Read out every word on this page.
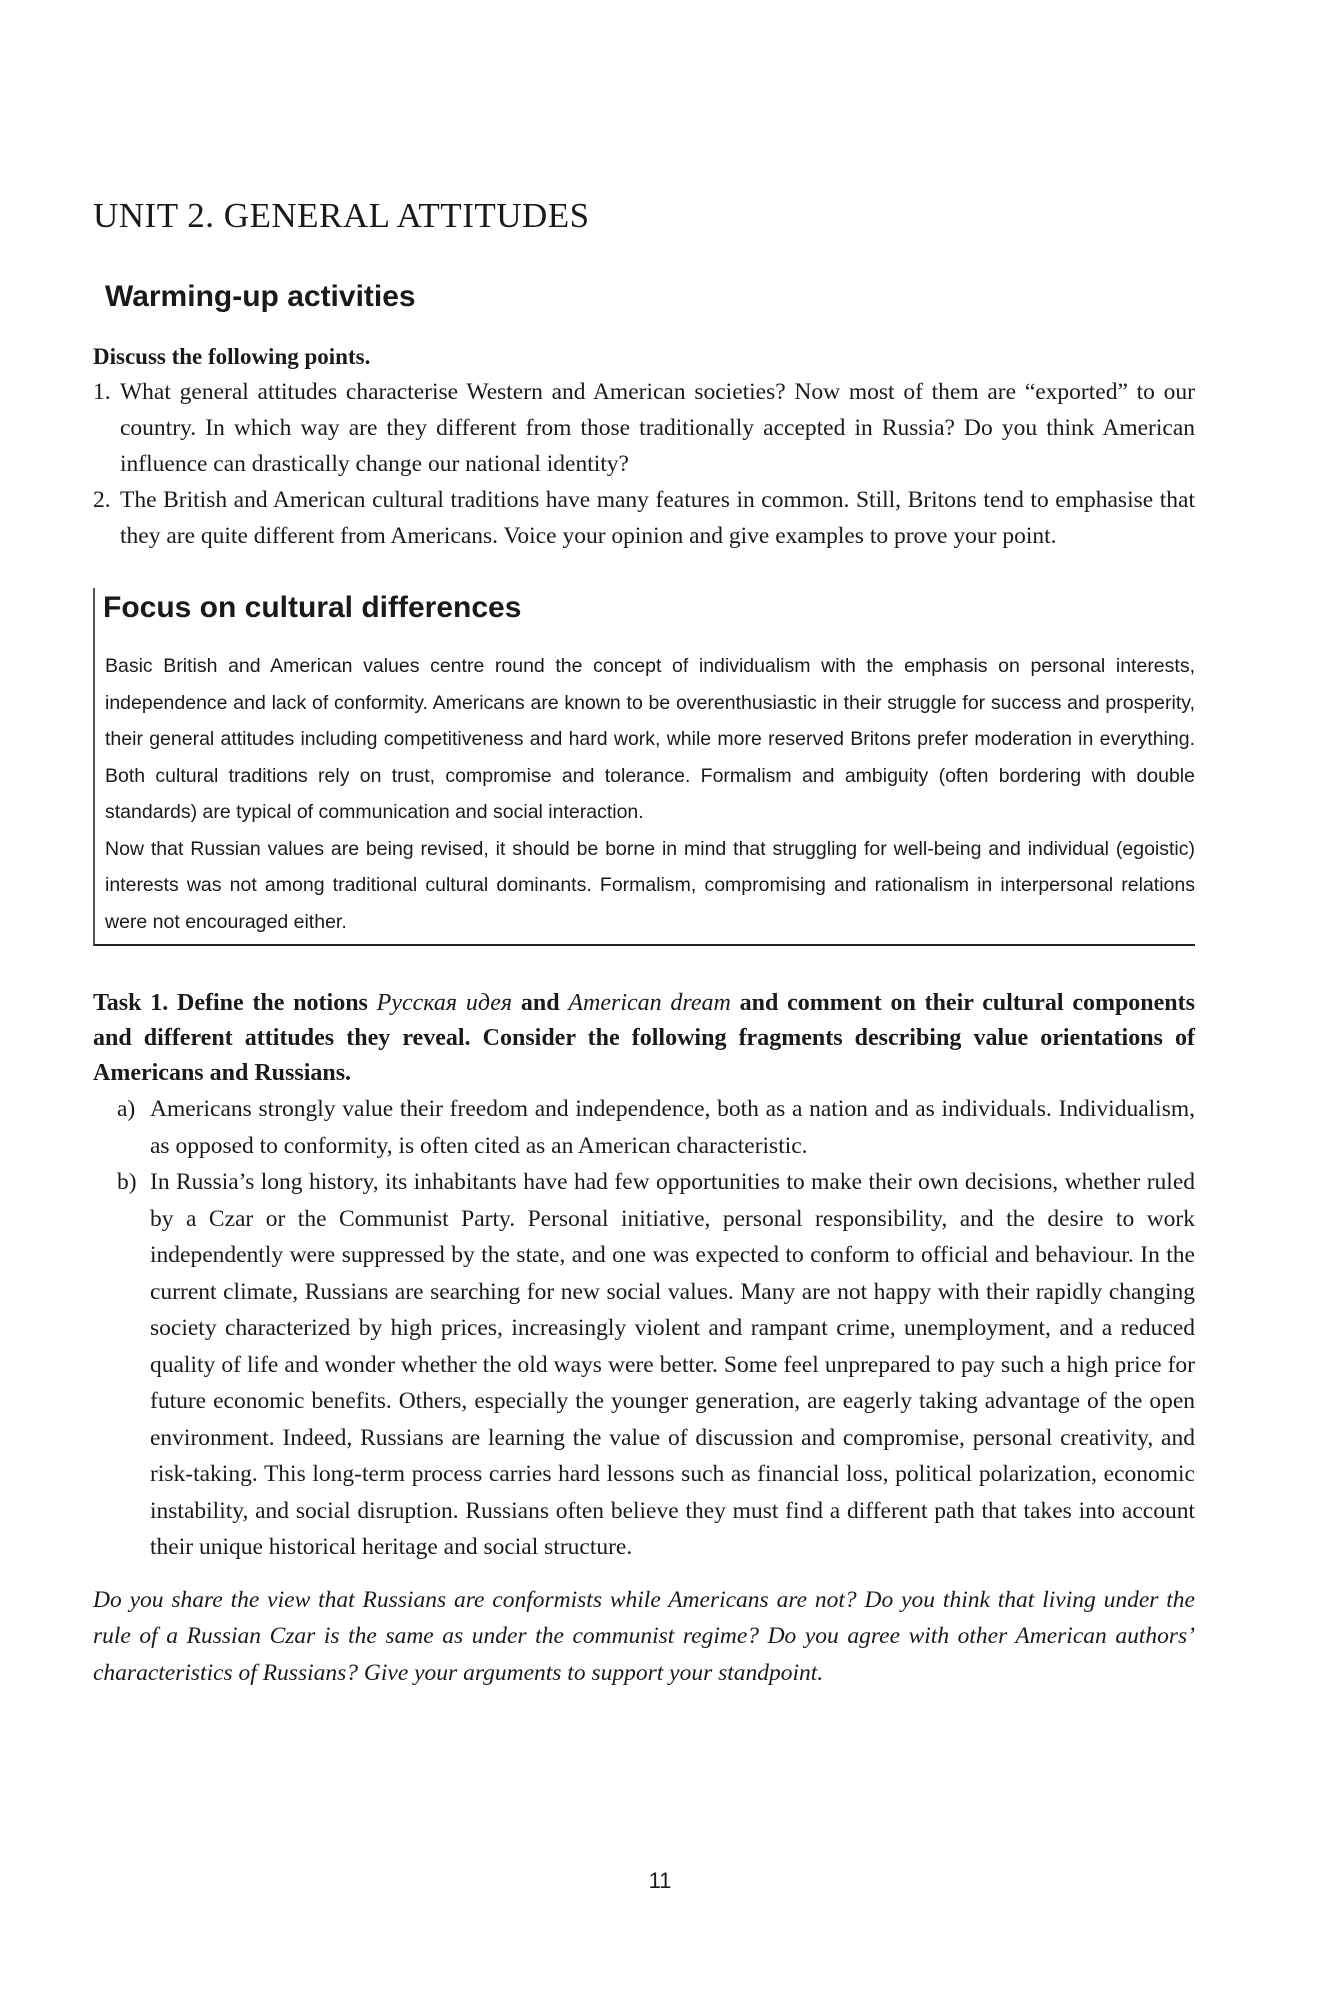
UNIT 2. GENERAL ATTITUDES
Warming-up activities
Discuss the following points.
1. What general attitudes characterise Western and American societies? Now most of them are “exported” to our country. In which way are they different from those traditionally accepted in Russia? Do you think American influence can drastically change our national identity?
2. The British and American cultural traditions have many features in common. Still, Britons tend to emphasise that they are quite different from Americans. Voice your opinion and give examples to prove your point.
Focus on cultural differences

Basic British and American values centre round the concept of individualism with the emphasis on personal interests, independence and lack of conformity. Americans are known to be overenthusiastic in their struggle for success and prosperity, their general attitudes including competitiveness and hard work, while more reserved Britons prefer moderation in everything. Both cultural traditions rely on trust, compromise and tolerance. Formalism and ambiguity (often bordering with double standards) are typical of communication and social interaction.

Now that Russian values are being revised, it should be borne in mind that struggling for well-being and individual (egoistic) interests was not among traditional cultural dominants. Formalism, compromising and rationalism in interpersonal relations were not encouraged either.

Task 1. Define the notions Русская идея and American dream and comment on their cultural components and different attitudes they reveal. Consider the following fragments describing value orientations of Americans and Russians.
a) Americans strongly value their freedom and independence, both as a nation and as individuals. Individualism, as opposed to conformity, is often cited as an American characteristic.
b) In Russia’s long history, its inhabitants have had few opportunities to make their own decisions, whether ruled by a Czar or the Communist Party. Personal initiative, personal responsibility, and the desire to work independently were suppressed by the state, and one was expected to conform to official and behaviour. In the current climate, Russians are searching for new social values. Many are not happy with their rapidly changing society characterized by high prices, increasingly violent and rampant crime, unemployment, and a reduced quality of life and wonder whether the old ways were better. Some feel unprepared to pay such a high price for future economic benefits. Others, especially the younger generation, are eagerly taking advantage of the open environment. Indeed, Russians are learning the value of discussion and compromise, personal creativity, and risk-taking. This long-term process carries hard lessons such as financial loss, political polarization, economic instability, and social disruption. Russians often believe they must find a different path that takes into account their unique historical heritage and social structure.
Do you share the view that Russians are conformists while Americans are not? Do you think that living under the rule of a Russian Czar is the same as under the communist regime? Do you agree with other American authors’ characteristics of Russians? Give your arguments to support your standpoint.
11
